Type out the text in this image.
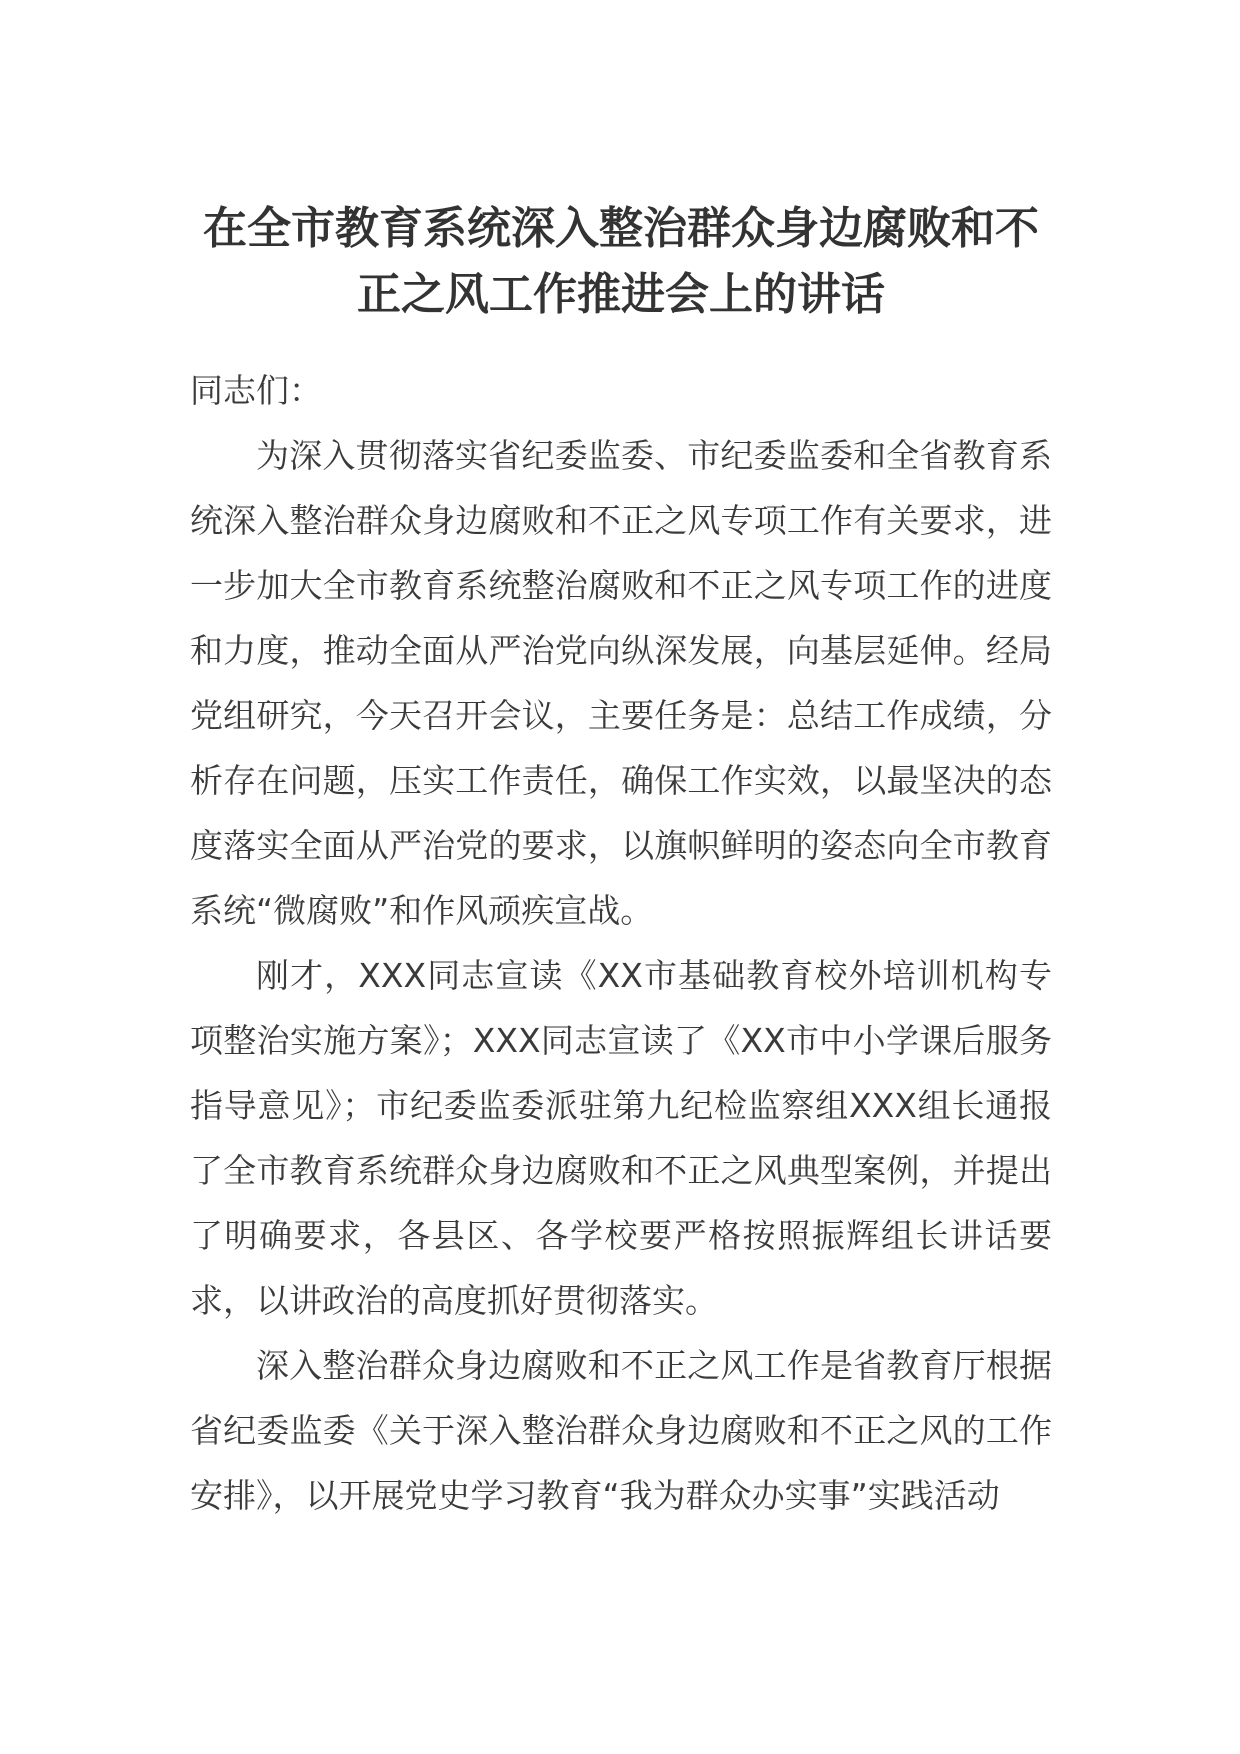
在全市教育系统深入整治群众身边腐败和不
正之风工作推进会上的讲话

同志们：

为深入贯彻落实省纪委监委、市纪委监委和全省教育系统深入整治群众身边腐败和不正之风专项工作有关要求，进一步加大全市教育系统整治腐败和不正之风专项工作的进度和力度，推动全面从严治党向纵深发展，向基层延伸。经局党组研究，今天召开会议，主要任务是：总结工作成绩，分析存在问题，压实工作责任，确保工作实效，以最坚决的态度落实全面从严治党的要求，以旗帜鲜明的姿态向全市教育系统“微腐败”和作风顽疾宣战。

刚才，XXX同志宣读《XX市基础教育校外培训机构专项整治实施方案》；XXX同志宣读了《XX市中小学课后服务指导意见》；市纪委监委派驻第九纪检监察组XXX组长通报了全市教育系统群众身边腐败和不正之风典型案例，并提出了明确要求，各县区、各学校要严格按照振辉组长讲话要求，以讲政治的高度抓好贯彻落实。

深入整治群众身边腐败和不正之风工作是省教育厅根据省纪委监委《关于深入整治群众身边腐败和不正之风的工作安排》，以开展党史学习教育“我为群众办实事”实践活动
